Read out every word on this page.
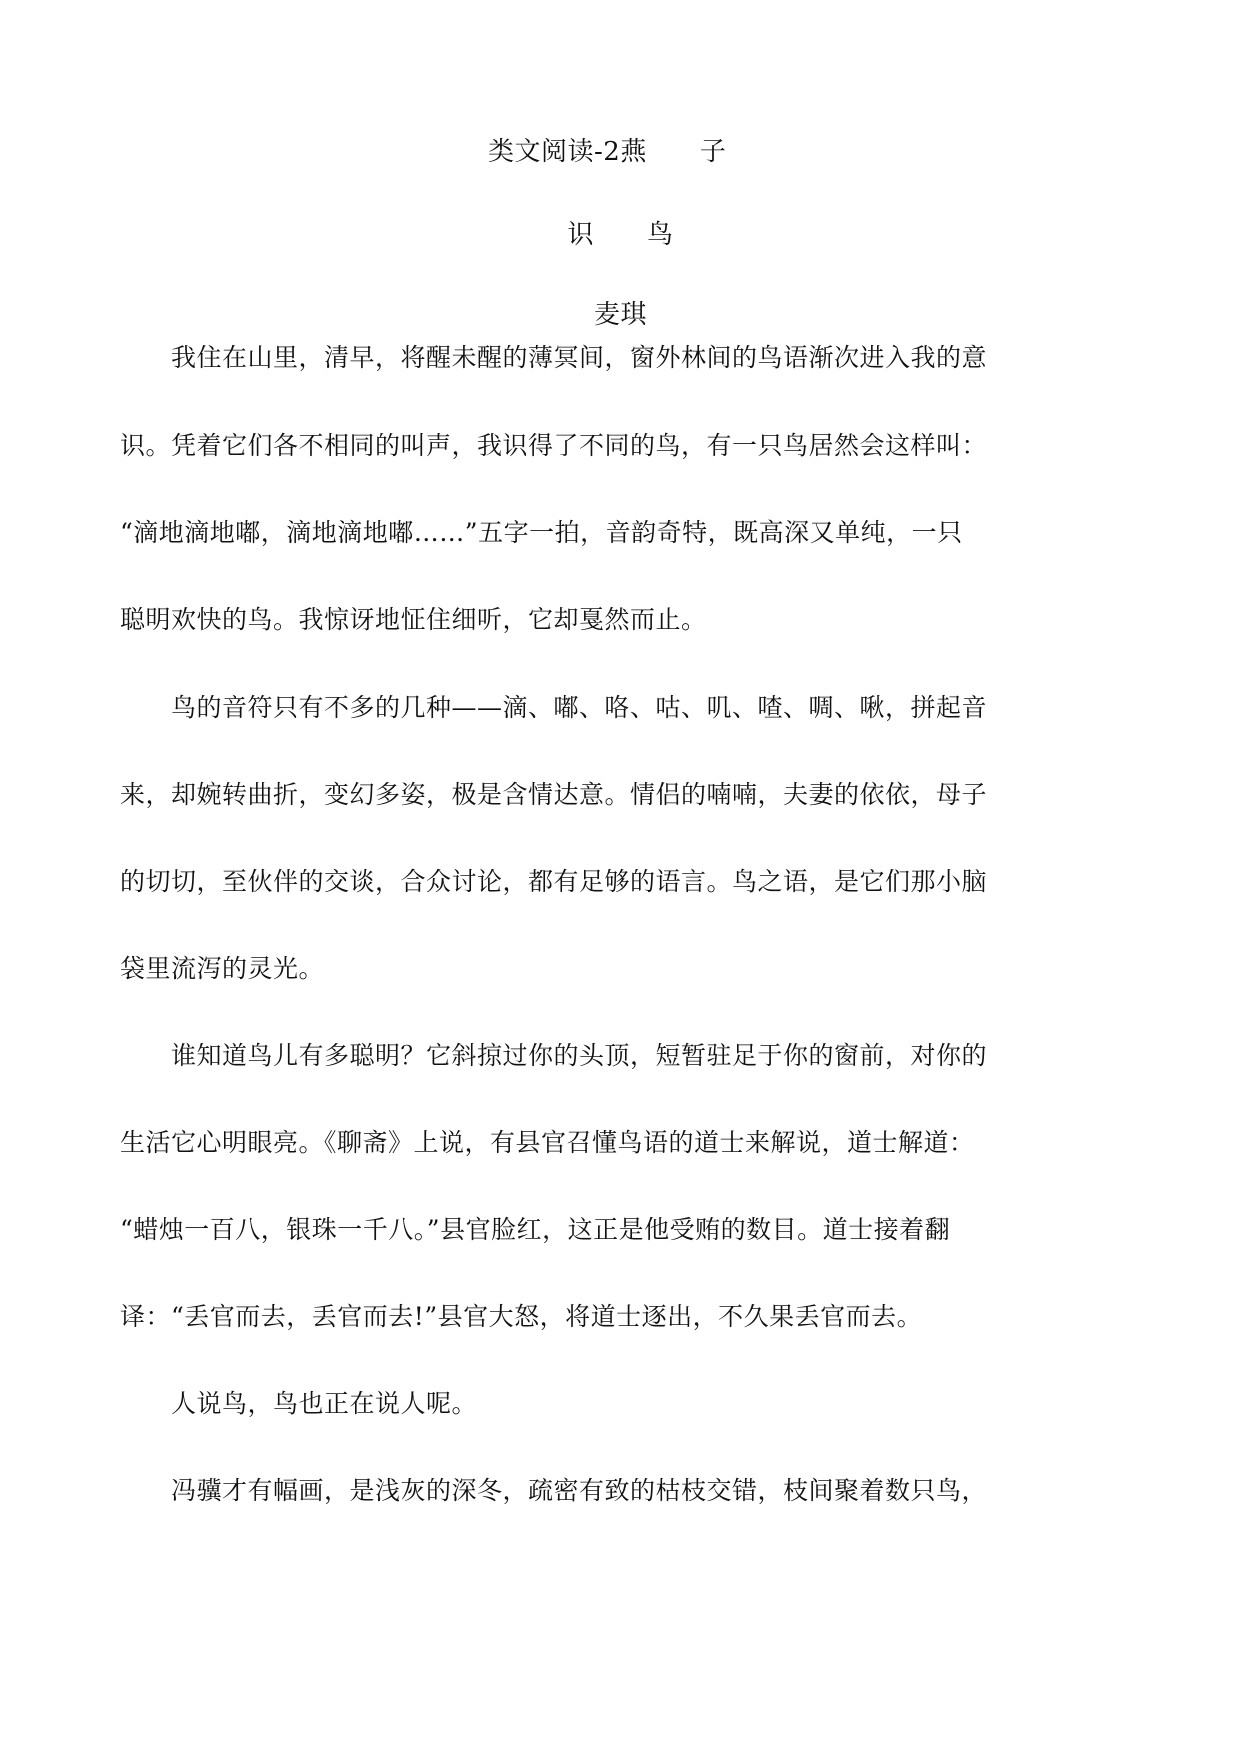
类文阅读-2燕　　子
识　　鸟
麦琪
　　我住在山里，清早，将醒未醒的薄冥间，窗外林间的鸟语渐次进入我的意
识。凭着它们各不相同的叫声，我识得了不同的鸟，有一只鸟居然会这样叫：
“滴地滴地嘟，滴地滴地嘟……”五字一拍，音韵奇特，既高深又单纯，一只
聪明欢快的鸟。我惊讶地怔住细听，它却戛然而止。
　　鸟的音符只有不多的几种——滴、嘟、咯、咕、叽、喳、啁、啾，拼起音
来，却婉转曲折，变幻多姿，极是含情达意。情侣的喃喃，夫妻的依依，母子
的切切，至伙伴的交谈，合众讨论，都有足够的语言。鸟之语，是它们那小脑
袋里流泻的灵光。
　　谁知道鸟儿有多聪明？它斜掠过你的头顶，短暂驻足于你的窗前，对你的
生活它心明眼亮。《聊斋》上说，有县官召懂鸟语的道士来解说，道士解道：
“蜡烛一百八，银珠一千八。”县官脸红，这正是他受贿的数目。道士接着翻
译：“丢官而去，丢官而去!”县官大怒，将道士逐出，不久果丢官而去。
　　人说鸟，鸟也正在说人呢。
　　冯骥才有幅画，是浅灰的深冬，疏密有致的枯枝交错，枝间聚着数只鸟，
